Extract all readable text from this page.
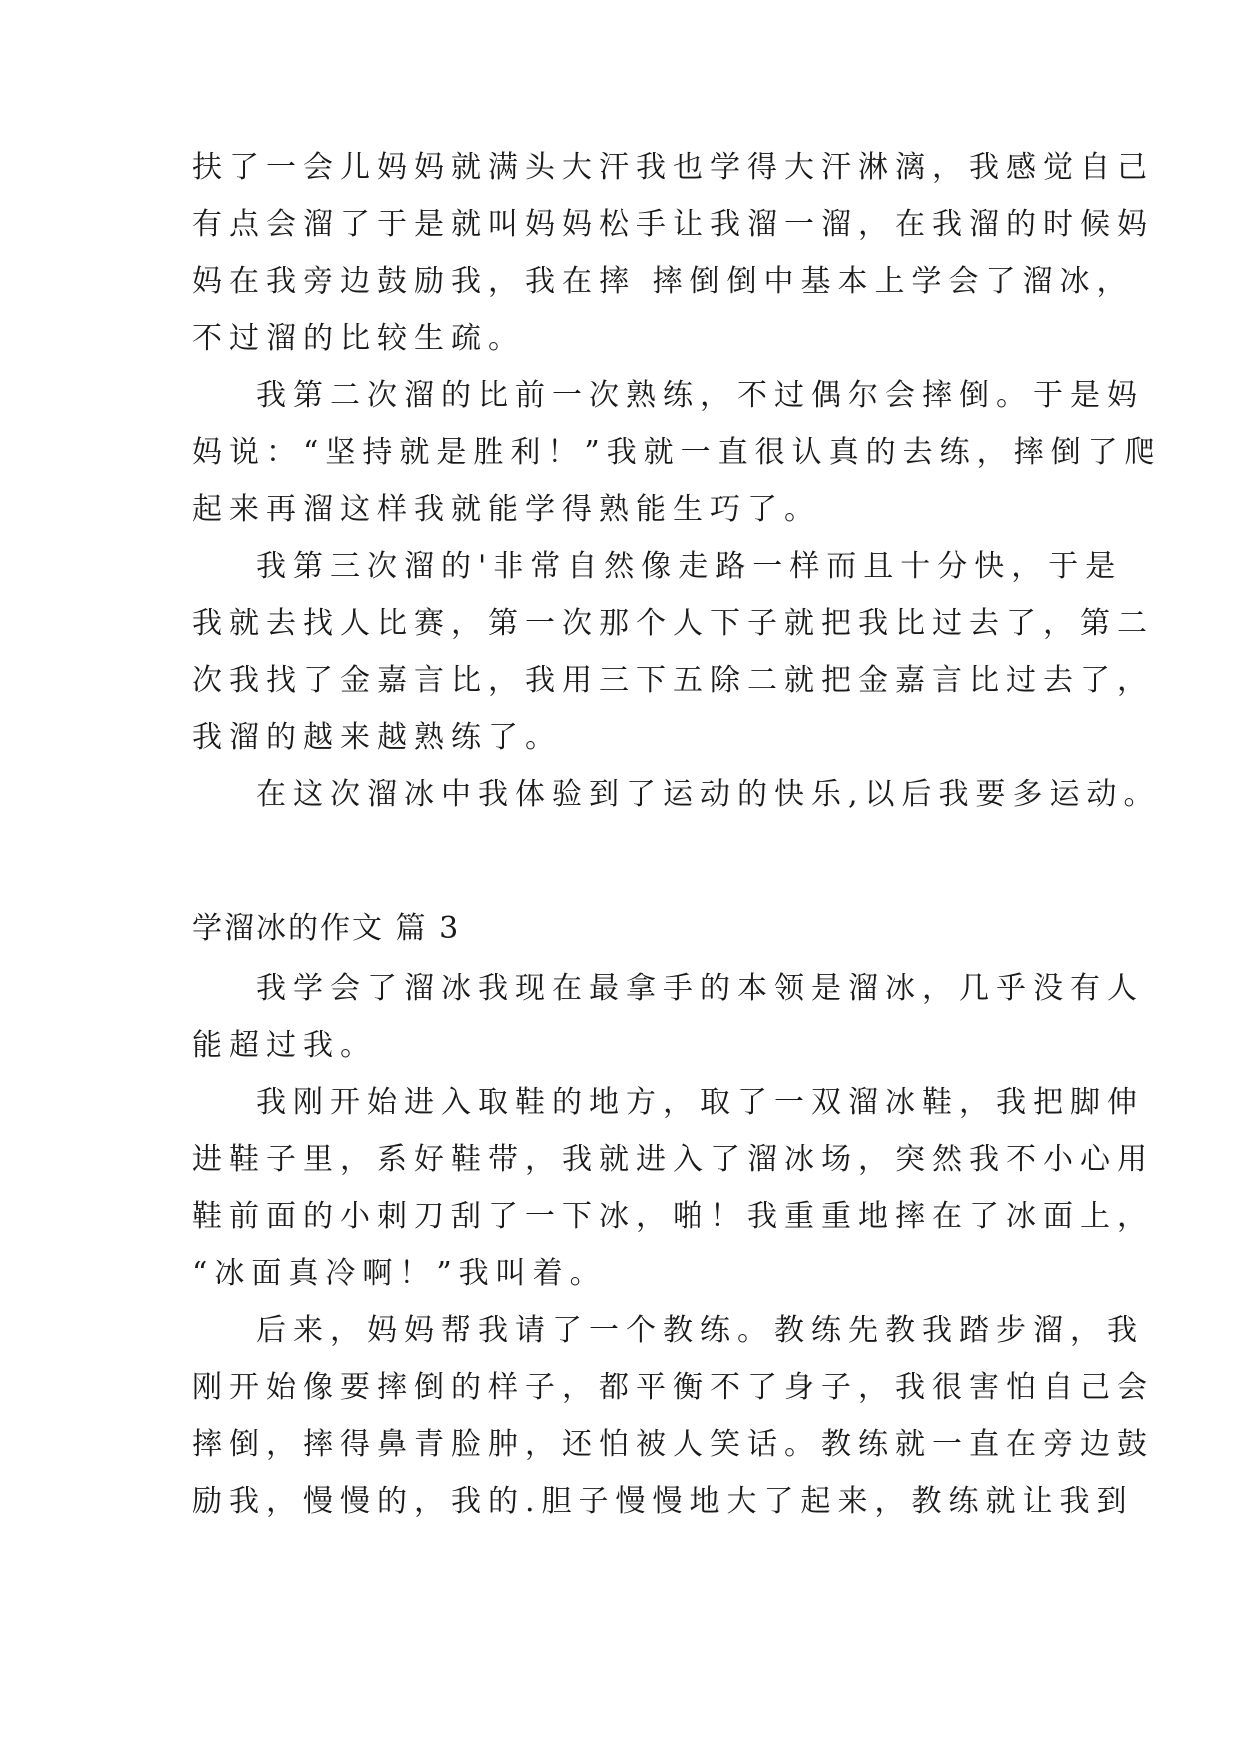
扶了一会儿妈妈就满头大汗我也学得大汗淋漓，我感觉自己
有点会溜了于是就叫妈妈松手让我溜一溜，在我溜的时候妈
妈在我旁边鼓励我，我在摔 摔倒倒中基本上学会了溜冰，
不过溜的比较生疏。
我第二次溜的比前一次熟练，不过偶尔会摔倒。于是妈
妈说：“坚持就是胜利！”我就一直很认真的去练，摔倒了爬
起来再溜这样我就能学得熟能生巧了。
我第三次溜的'非常自然像走路一样而且十分快，于是
我就去找人比赛，第一次那个人下子就把我比过去了，第二
次我找了金嘉言比，我用三下五除二就把金嘉言比过去了，
我溜的越来越熟练了。
在这次溜冰中我体验到了运动的快乐,以后我要多运动。
学溜冰的作文 篇 3
我学会了溜冰我现在最拿手的本领是溜冰，几乎没有人
能超过我。
我刚开始进入取鞋的地方，取了一双溜冰鞋，我把脚伸
进鞋子里，系好鞋带，我就进入了溜冰场，突然我不小心用
鞋前面的小刺刀刮了一下冰，啪！我重重地摔在了冰面上，
“冰面真冷啊！”我叫着。
后来，妈妈帮我请了一个教练。教练先教我踏步溜，我
刚开始像要摔倒的样子，都平衡不了身子，我很害怕自己会
摔倒，摔得鼻青脸肿，还怕被人笑话。教练就一直在旁边鼓
励我，慢慢的，我的.胆子慢慢地大了起来，教练就让我到
